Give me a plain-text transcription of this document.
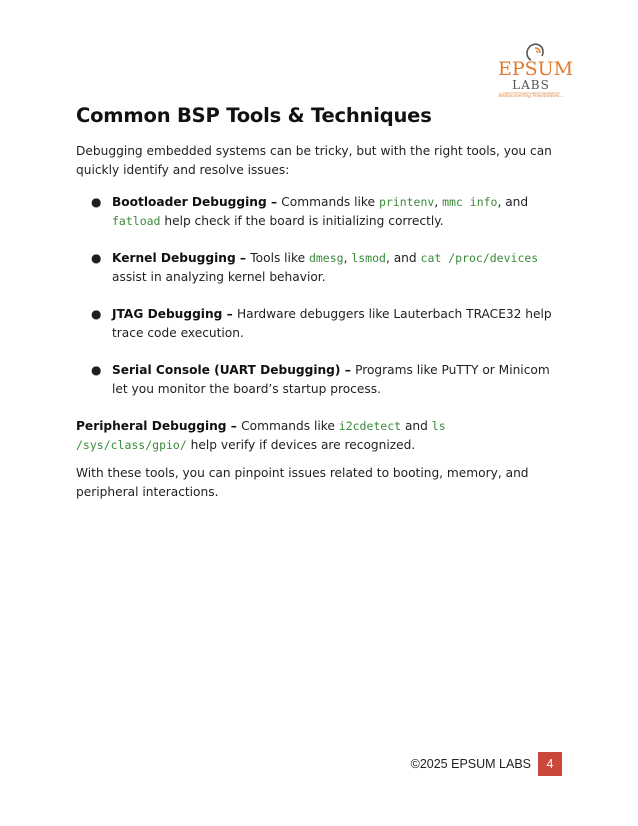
EPSUM
LABS
Rediscovering Possibilities...
Common BSP Tools & Techniques

Debugging embedded systems can be tricky, but with the right tools, you can quickly identify and resolve issues:

● Bootloader Debugging – Commands like printenv, mmc info, and fatload help check if the board is initializing correctly.
● Kernel Debugging – Tools like dmesg, lsmod, and cat /proc/devices assist in analyzing kernel behavior.
● JTAG Debugging – Hardware debuggers like Lauterbach TRACE32 help trace code execution.
● Serial Console (UART Debugging) – Programs like PuTTY or Minicom let you monitor the board’s startup process.

Peripheral Debugging – Commands like i2cdetect and ls /sys/class/gpio/ help verify if devices are recognized.

With these tools, you can pinpoint issues related to booting, memory, and peripheral interactions.

©2025 EPSUM LABS	4
